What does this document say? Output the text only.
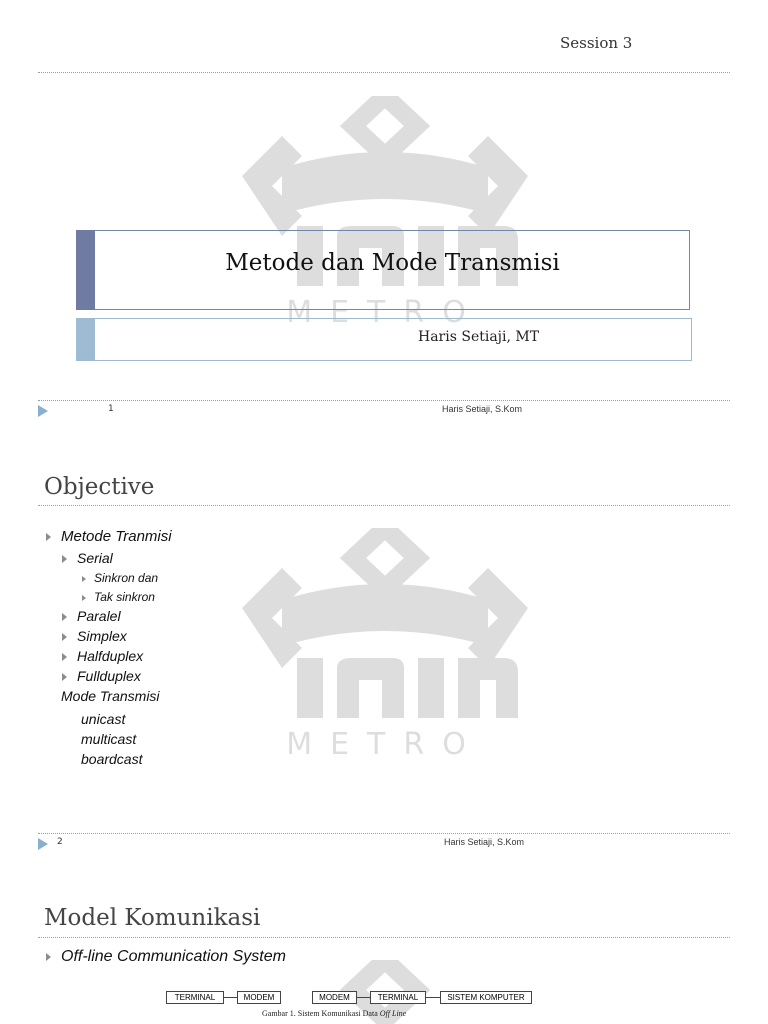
Session 3
METRO
Metode dan Mode Transmisi
Haris Setiaji, MT
1	Haris Setiaji, S.Kom
Objective
METRO
Metode Tranmisi
Serial
Sinkron dan
Tak sinkron
Paralel
Simplex
Halfduplex
Fullduplex
Mode Transmisi
unicast
multicast
boardcast
2	Haris Setiaji, S.Kom
Model Komunikasi
Off-line Communication System
TERMINAL	MODEM	MODEM	TERMINAL	SISTEM KOMPUTER
Gambar 1. Sistem Komunikasi Data Off Line
